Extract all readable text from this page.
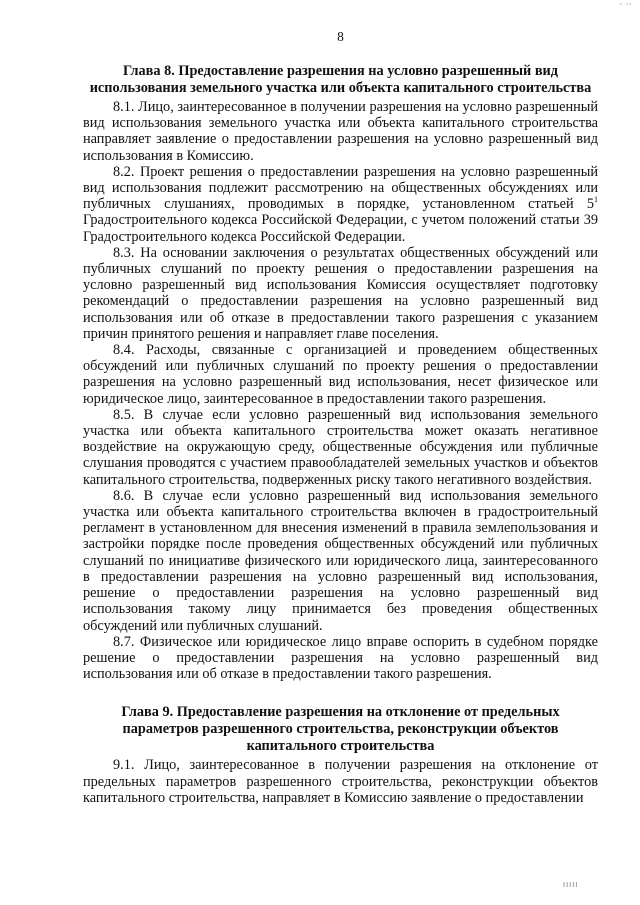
' ''
8
Глава 8. Предоставление разрешения на условно разрешенный вид
использования земельного участка или объекта капитального строительства

8.1. Лицо, заинтересованное в получении разрешения на условно разрешенный вид использования земельного участка или объекта капитального строительства направляет заявление о предоставлении разрешения на условно разрешенный вид использования в Комиссию.

8.2. Проект решения о предоставлении разрешения на условно разрешенный вид использования подлежит рассмотрению на общественных обсуждениях или публичных слушаниях, проводимых в порядке, установленном статьей $5^1$ Градостроительного кодекса Российской Федерации, с учетом положений статьи 39 Градостроительного кодекса Российской Федерации.

8.3. На основании заключения о результатах общественных обсуждений или публичных слушаний по проекту решения о предоставлении разрешения на условно разрешенный вид использования Комиссия осуществляет подготовку рекомендаций о предоставлении разрешения на условно разрешенный вид использования или об отказе в предоставлении такого разрешения с указанием причин принятого решения и направляет главе поселения.

8.4. Расходы, связанные с организацией и проведением общественных обсуждений или публичных слушаний по проекту решения о предоставлении разрешения на условно разрешенный вид использования, несет физическое или юридическое лицо, заинтересованное в предоставлении такого разрешения.

8.5. В случае если условно разрешенный вид использования земельного участка или объекта капитального строительства может оказать негативное воздействие на окружающую среду, общественные обсуждения или публичные слушания проводятся с участием правообладателей земельных участков и объектов капитального строительства, подверженных риску такого негативного воздействия.

8.6. В случае если условно разрешенный вид использования земельного участка или объекта капитального строительства включен в градостроительный регламент в установленном для внесения изменений в правила землепользования и застройки порядке после проведения общественных обсуждений или публичных слушаний по инициативе физического или юридического лица, заинтересованного в предоставлении разрешения на условно разрешенный вид использования, решение о предоставлении разрешения на условно разрешенный вид использования такому лицу принимается без проведения общественных обсуждений или публичных слушаний.

8.7. Физическое или юридическое лицо вправе оспорить в судебном порядке решение о предоставлении разрешения на условно разрешенный вид использования или об отказе в предоставлении такого разрешения.

Глава 9. Предоставление разрешения на отклонение от предельных
параметров разрешенного строительства, реконструкции объектов
капитального строительства

9.1. Лицо, заинтересованное в получении разрешения на отклонение от предельных параметров разрешенного строительства, реконструкции объектов капитального строительства, направляет в Комиссию заявление о предоставлении

IIIII
